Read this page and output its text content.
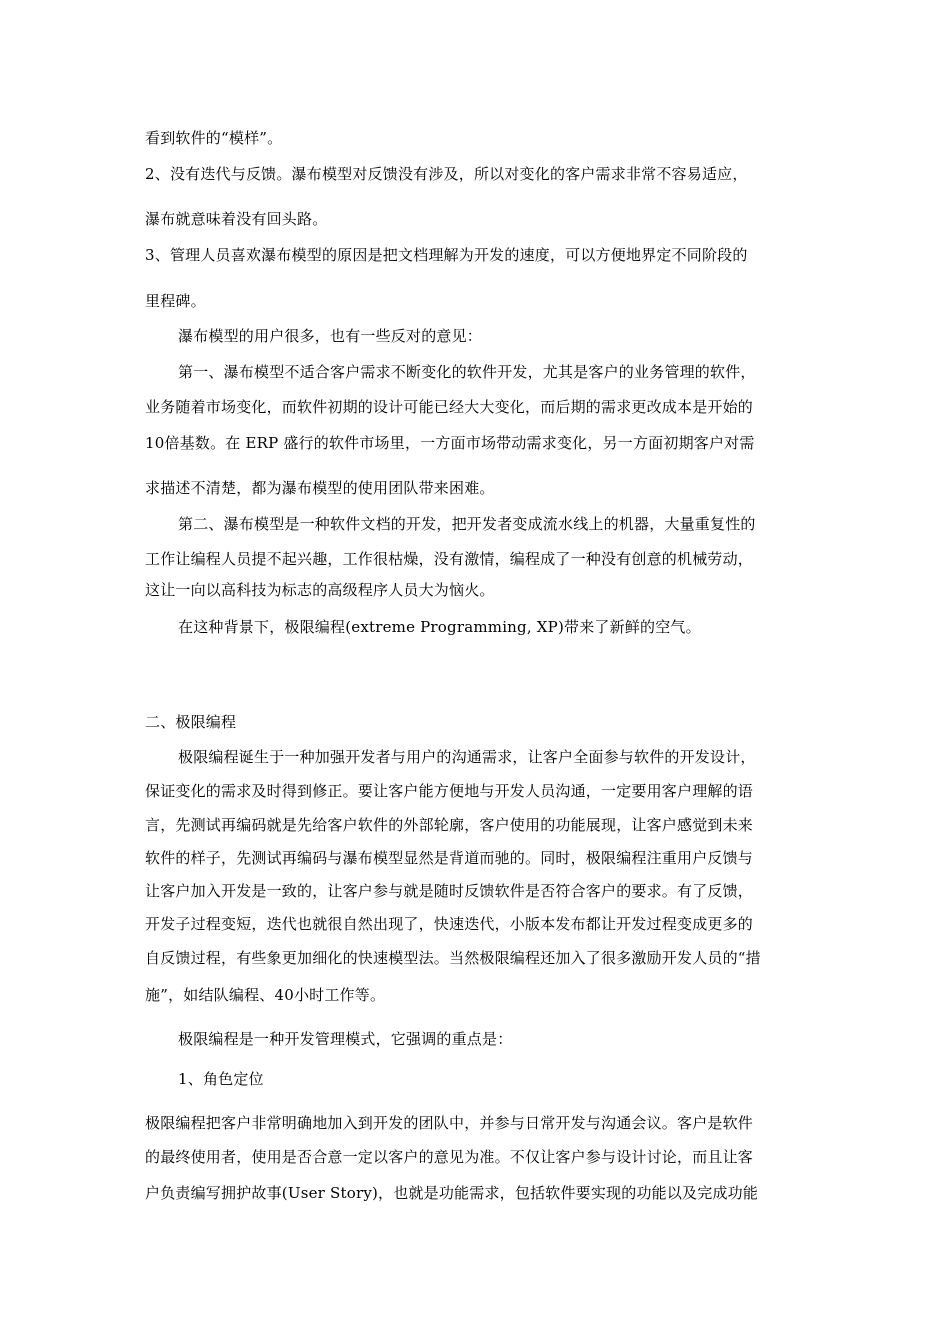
看到软件的“模样”。
2、没有迭代与反馈。瀑布模型对反馈没有涉及，所以对变化的客户需求非常不容易适应，
瀑布就意味着没有回头路。
3、管理人员喜欢瀑布模型的原因是把文档理解为开发的速度，可以方便地界定不同阶段的
里程碑。
瀑布模型的用户很多，也有一些反对的意见：
第一、瀑布模型不适合客户需求不断变化的软件开发，尤其是客户的业务管理的软件，
业务随着市场变化，而软件初期的设计可能已经大大变化，而后期的需求更改成本是开始的
10倍基数。在 ERP 盛行的软件市场里，一方面市场带动需求变化，另一方面初期客户对需
求描述不清楚，都为瀑布模型的使用团队带来困难。
第二、瀑布模型是一种软件文档的开发，把开发者变成流水线上的机器，大量重复性的
工作让编程人员提不起兴趣，工作很枯燥，没有激情，编程成了一种没有创意的机械劳动，
这让一向以高科技为标志的高级程序人员大为恼火。
在这种背景下，极限编程(extreme Programming, XP)带来了新鲜的空气。
二、极限编程
极限编程诞生于一种加强开发者与用户的沟通需求，让客户全面参与软件的开发设计，
保证变化的需求及时得到修正。要让客户能方便地与开发人员沟通，一定要用客户理解的语
言，先测试再编码就是先给客户软件的外部轮廓，客户使用的功能展现，让客户感觉到未来
软件的样子，先测试再编码与瀑布模型显然是背道而驰的。同时，极限编程注重用户反馈与
让客户加入开发是一致的，让客户参与就是随时反馈软件是否符合客户的要求。有了反馈，
开发子过程变短，迭代也就很自然出现了，快速迭代，小版本发布都让开发过程变成更多的
自反馈过程，有些象更加细化的快速模型法。当然极限编程还加入了很多激励开发人员的“措
施”，如结队编程、40小时工作等。
极限编程是一种开发管理模式，它强调的重点是：
1、角色定位
极限编程把客户非常明确地加入到开发的团队中，并参与日常开发与沟通会议。客户是软件
的最终使用者，使用是否合意一定以客户的意见为准。不仅让客户参与设计讨论，而且让客
户负责编写拥护故事(User Story)，也就是功能需求，包括软件要实现的功能以及完成功能
